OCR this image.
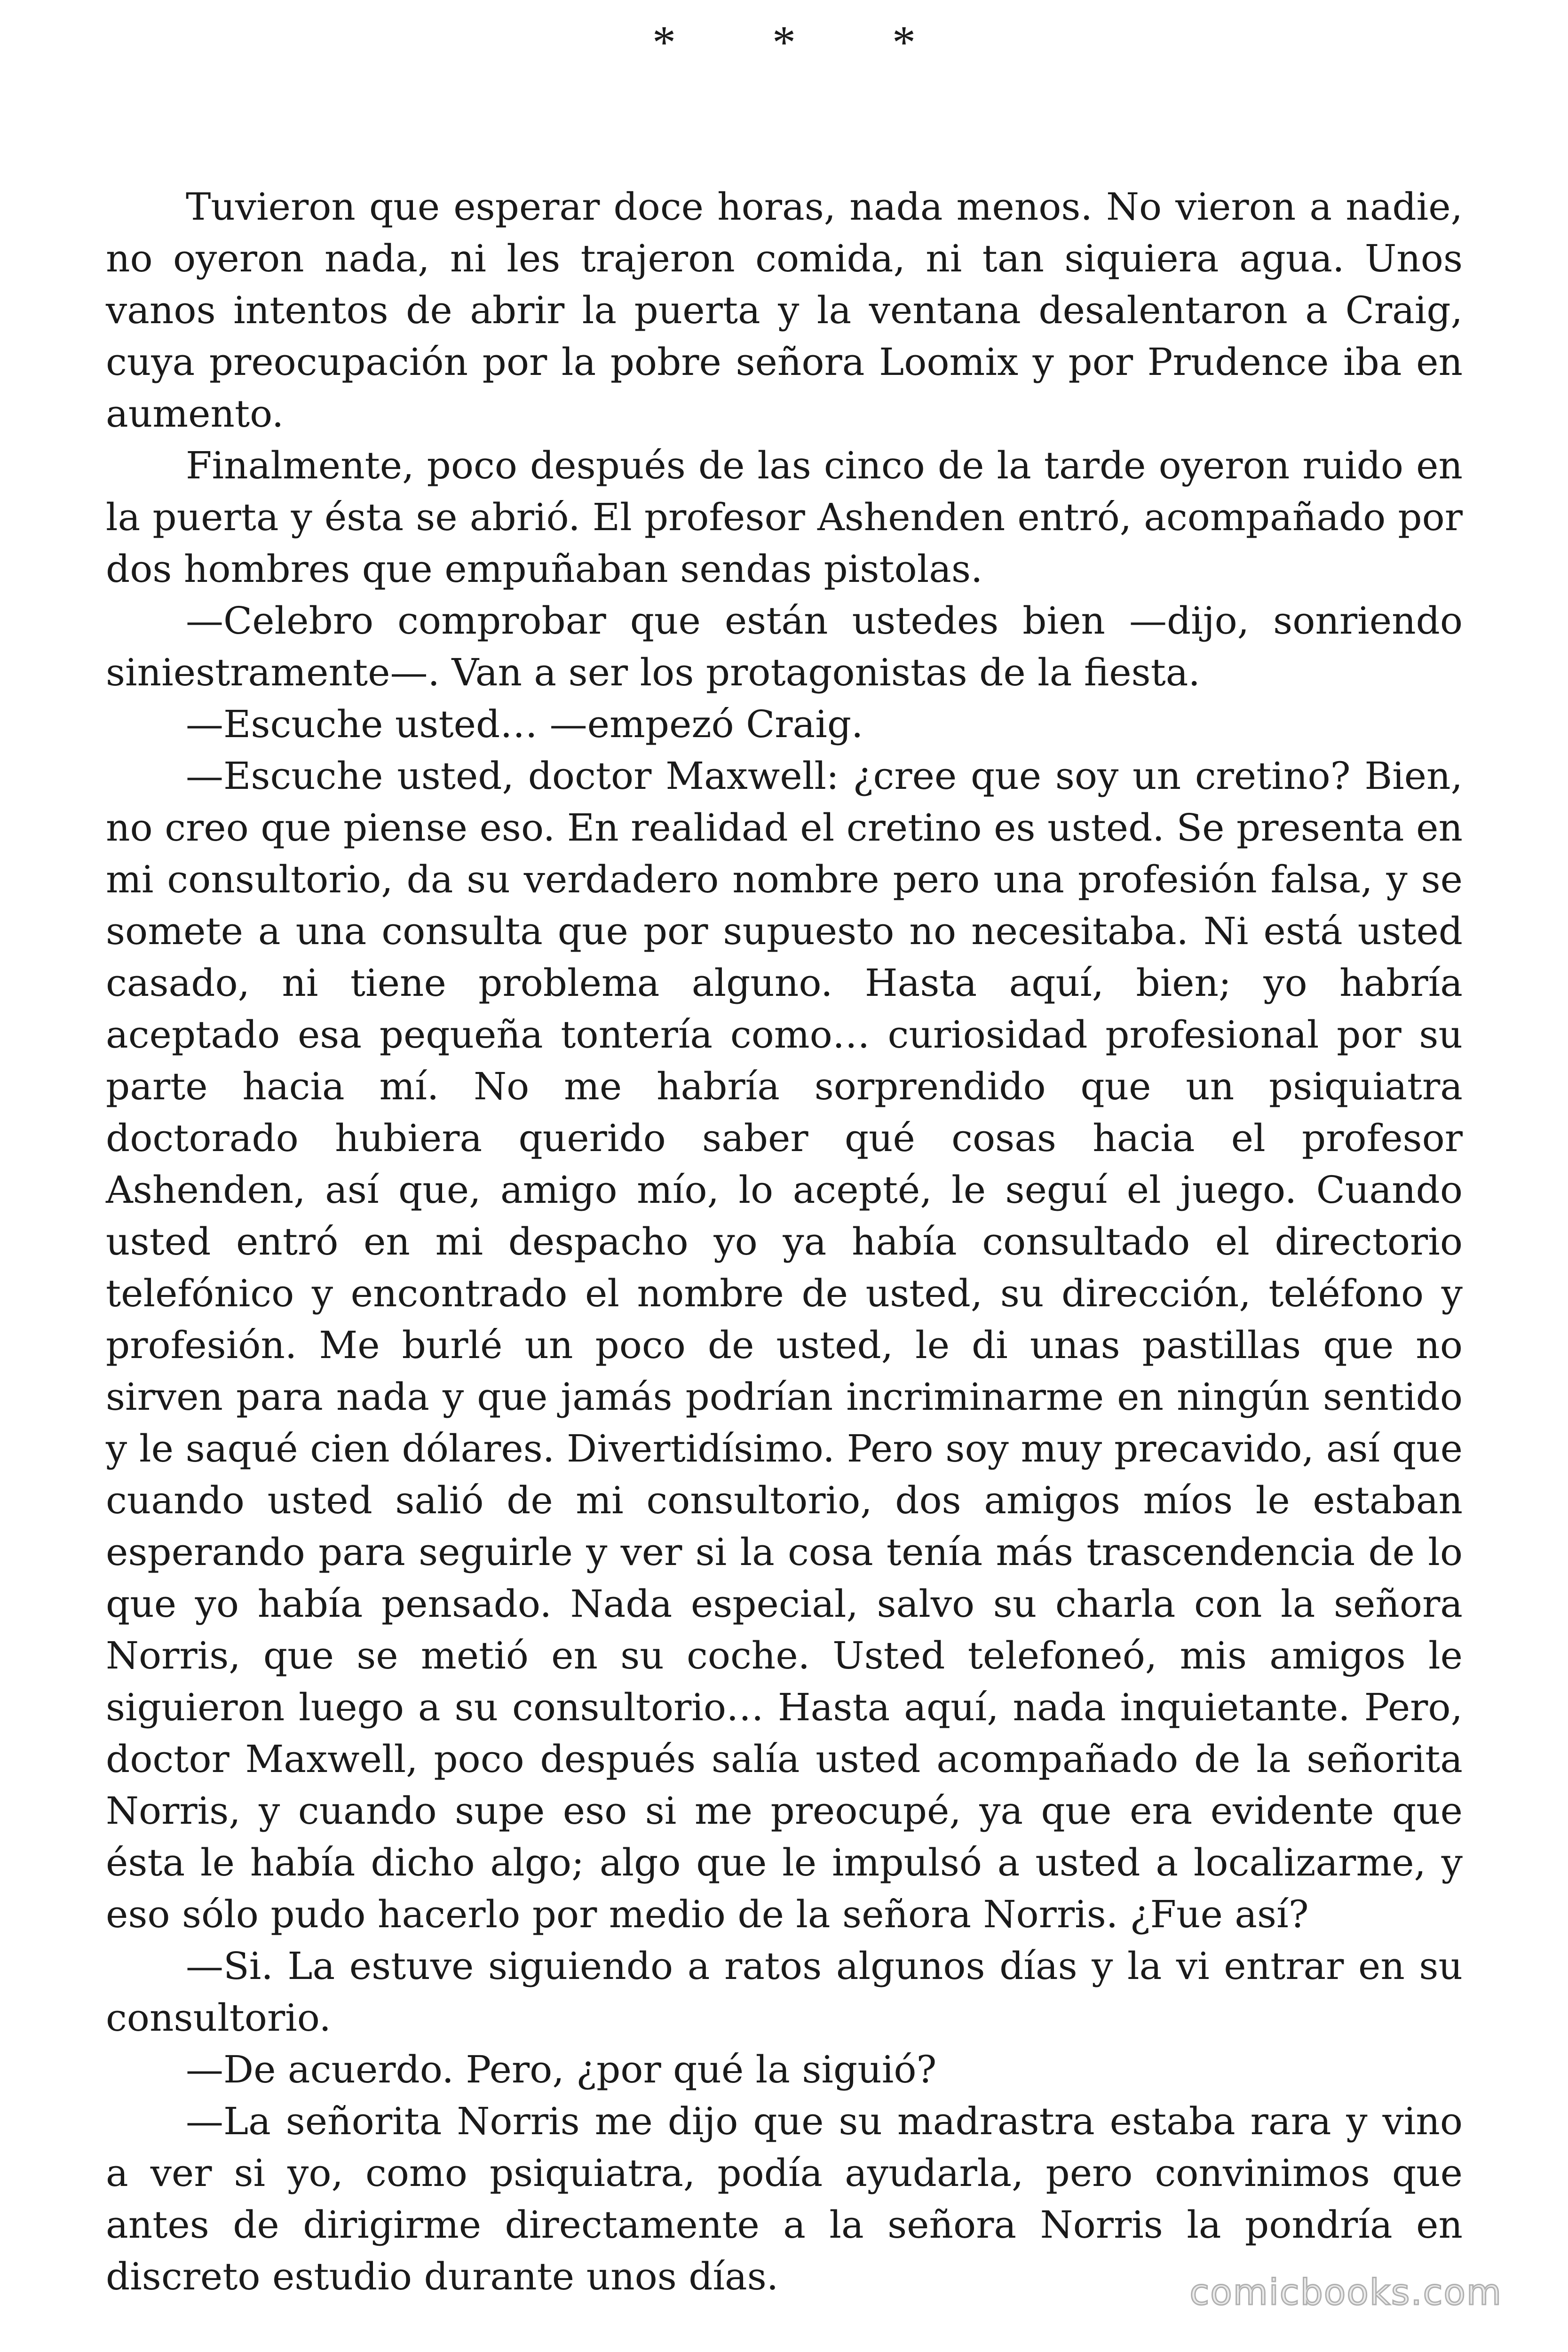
* * *

Tuvieron que esperar doce horas, nada menos. No vieron a nadie, no oyeron nada, ni les trajeron comida, ni tan siquiera agua. Unos vanos intentos de abrir la puerta y la ventana desalentaron a Craig, cuya preocupación por la pobre señora Loomix y por Prudence iba en aumento.

Finalmente, poco después de las cinco de la tarde oyeron ruido en la puerta y ésta se abrió. El profesor Ashenden entró, acompañado por dos hombres que empuñaban sendas pistolas.

—Celebro comprobar que están ustedes bien —dijo, sonriendo siniestramente—. Van a ser los protagonistas de la fiesta.

—Escuche usted… —empezó Craig.

—Escuche usted, doctor Maxwell: ¿cree que soy un cretino? Bien, no creo que piense eso. En realidad el cretino es usted. Se presenta en mi consultorio, da su verdadero nombre pero una profesión falsa, y se somete a una consulta que por supuesto no necesitaba. Ni está usted casado, ni tiene problema alguno. Hasta aquí, bien; yo habría aceptado esa pequeña tontería como… curiosidad profesional por su parte hacia mí. No me habría sorprendido que un psiquiatra doctorado hubiera querido saber qué cosas hacia el profesor Ashenden, así que, amigo mío, lo acepté, le seguí el juego. Cuando usted entró en mi despacho yo ya había consultado el directorio telefónico y encontrado el nombre de usted, su dirección, teléfono y profesión. Me burlé un poco de usted, le di unas pastillas que no sirven para nada y que jamás podrían incriminarme en ningún sentido y le saqué cien dólares. Divertidísimo. Pero soy muy precavido, así que cuando usted salió de mi consultorio, dos amigos míos le estaban esperando para seguirle y ver si la cosa tenía más trascendencia de lo que yo había pensado. Nada especial, salvo su charla con la señora Norris, que se metió en su coche. Usted telefoneó, mis amigos le siguieron luego a su consultorio… Hasta aquí, nada inquietante. Pero, doctor Maxwell, poco después salía usted acompañado de la señorita Norris, y cuando supe eso si me preocupé, ya que era evidente que ésta le había dicho algo; algo que le impulsó a usted a localizarme, y eso sólo pudo hacerlo por medio de la señora Norris. ¿Fue así?

—Si. La estuve siguiendo a ratos algunos días y la vi entrar en su consultorio.

—De acuerdo. Pero, ¿por qué la siguió?

—La señorita Norris me dijo que su madrastra estaba rara y vino a ver si yo, como psiquiatra, podía ayudarla, pero convinimos que antes de dirigirme directamente a la señora Norris la pondría en discreto estudio durante unos días.	comicbooks.com
